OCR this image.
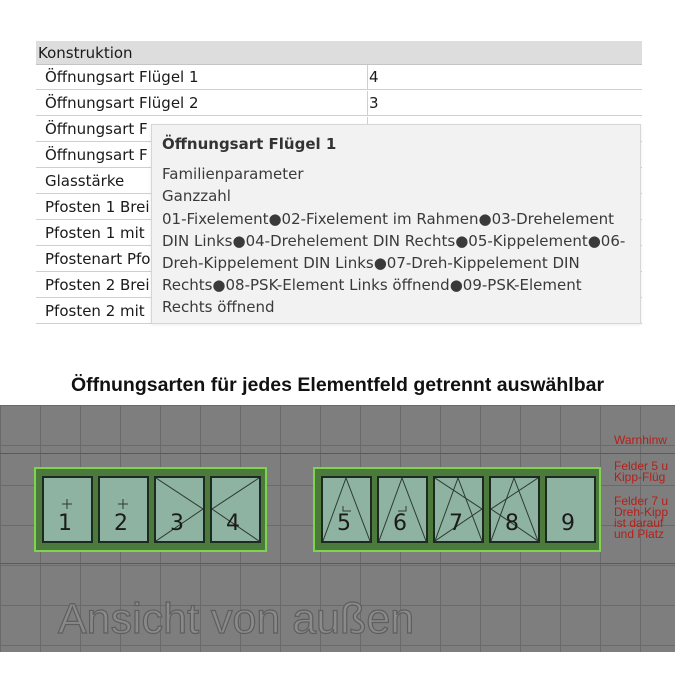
Konstruktion
Öffnungsart Flügel 1	4
Öffnungsart Flügel 2	3
Öffnungsart F
Öffnungsart F
Glasstärke
Pfosten 1 Brei
Pfosten 1 mit
Pfostenart Pfo
Pfosten 2 Brei
Pfosten 2 mit
Öffnungsart Flügel 1
Familienparameter
Ganzzahl
01-Fixelement●02-Fixelement im Rahmen●03-Drehelement DIN Links●04-Drehelement DIN Rechts●05-Kippelement●06-Dreh-Kippelement DIN Links●07-Dreh-Kippelement DIN Rechts●08-PSK-Element Links öffnend●09-PSK-Element Rechts öffnend
Öffnungsarten für jedes Elementfeld getrennt auswählbar
1 2 3 4	5 6 7 8 9
Warnhinw
Felder 5 u
Kipp-Flüg
Felder 7 u
Dreh-Kipp
ist darauf
und Platz
Ansicht von außen
